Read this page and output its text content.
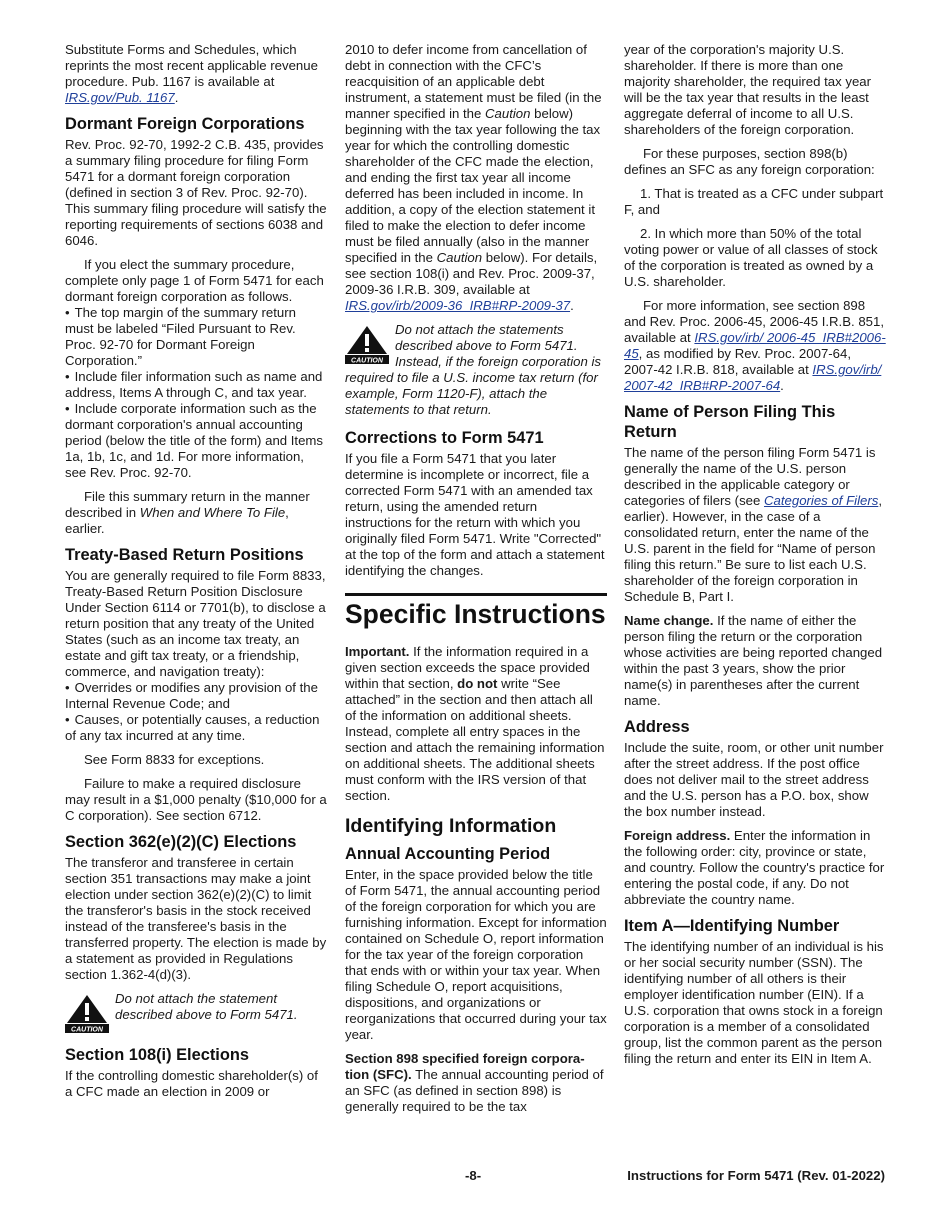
Substitute Forms and Schedules, which reprints the most recent applicable revenue procedure. Pub. 1167 is available at IRS.gov/Pub. 1167.

Dormant Foreign Corporations

Rev. Proc. 92-70, 1992-2 C.B. 435, provides a summary filing procedure for filing Form 5471 for a dormant foreign corporation (defined in section 3 of Rev. Proc. 92-70). This summary filing procedure will satisfy the reporting requirements of sections 6038 and 6046.

If you elect the summary procedure, complete only page 1 of Form 5471 for each dormant foreign corporation as follows.

• The top margin of the summary return must be labeled “Filed Pursuant to Rev. Proc. 92-70 for Dormant Foreign Corporation.”

• Include filer information such as name and address, Items A through C, and tax year.

• Include corporate information such as the dormant corporation's annual accounting period (below the title of the form) and Items 1a, 1b, 1c, and 1d. For more information, see Rev. Proc. 92-70.

File this summary return in the manner described in When and Where To File, earlier.

Treaty-Based Return Positions

You are generally required to file Form 8833, Treaty-Based Return Position Disclosure Under Section 6114 or 7701(b), to disclose a return position that any treaty of the United States (such as an income tax treaty, an estate and gift tax treaty, or a friendship, commerce, and navigation treaty):

• Overrides or modifies any provision of the Internal Revenue Code; and

• Causes, or potentially causes, a reduction of any tax incurred at any time.

See Form 8833 for exceptions.

Failure to make a required disclosure may result in a $1,000 penalty ($10,000 for a C corporation). See section 6712.

Section 362(e)(2)(C) Elections

The transferor and transferee in certain section 351 transactions may make a joint election under section 362(e)(2)(C) to limit the transferor's basis in the stock received instead of the transferee's basis in the transferred property. The election is made by a statement as provided in Regulations section 1.362-4(d)(3).

CAUTION
Do not attach the statement described above to Form 5471.
Section 108(i) Elections

If the controlling domestic shareholder(s) of a CFC made an election in 2009 or

2010 to defer income from cancellation of debt in connection with the CFC’s reacquisition of an applicable debt instrument, a statement must be filed (in the manner specified in the Caution below) beginning with the tax year following the tax year for which the controlling domestic shareholder of the CFC made the election, and ending the first tax year all income deferred has been included in income. In addition, a copy of the election statement it filed to make the election to defer income must be filed annually (also in the manner specified in the Caution below). For details, see section 108(i) and Rev. Proc. 2009-37, 2009-36 I.R.B. 309, available at IRS.gov/irb/2009-36_IRB#RP-2009-37.

CAUTION
Do not attach the statements described above to Form 5471. Instead, if the foreign corporation is required to file a U.S. income tax return (for example, Form 1120-F), attach the statements to that return.
Corrections to Form 5471

If you file a Form 5471 that you later determine is incomplete or incorrect, file a corrected Form 5471 with an amended tax return, using the amended return instructions for the return with which you originally filed Form 5471. Write "Corrected" at the top of the form and attach a statement identifying the changes.

Specific Instructions

Important. If the information required in a given section exceeds the space provided within that section, do not write “See attached” in the section and then attach all of the information on additional sheets. Instead, complete all entry spaces in the section and attach the remaining information on additional sheets. The additional sheets must conform with the IRS version of that section.

Identifying Information
Annual Accounting Period

Enter, in the space provided below the title of Form 5471, the annual accounting period of the foreign corporation for which you are furnishing information. Except for information contained on Schedule O, report information for the tax year of the foreign corporation that ends with or within your tax year. When filing Schedule O, report acquisitions, dispositions, and organizations or reorganizations that occurred during your tax year.

Section 898 specified foreign corpora-tion (SFC). The annual accounting period of an SFC (as defined in section 898) is generally required to be the tax

year of the corporation's majority U.S. shareholder. If there is more than one majority shareholder, the required tax year will be the tax year that results in the least aggregate deferral of income to all U.S. shareholders of the foreign corporation.

For these purposes, section 898(b) defines an SFC as any foreign corporation:

1. That is treated as a CFC under subpart F, and

2. In which more than 50% of the total voting power or value of all classes of stock of the corporation is treated as owned by a U.S. shareholder.

For more information, see section 898 and Rev. Proc. 2006-45, 2006-45 I.R.B. 851, available at IRS.gov/irb/ 2006-45_IRB#2006-45, as modified by Rev. Proc. 2007-64, 2007-42 I.R.B. 818, available at IRS.gov/irb/ 2007-42_IRB#RP-2007-64.

Name of Person Filing This Return

The name of the person filing Form 5471 is generally the name of the U.S. person described in the applicable category or categories of filers (see Categories of Filers, earlier). However, in the case of a consolidated return, enter the name of the U.S. parent in the field for “Name of person filing this return.” Be sure to list each U.S. shareholder of the foreign corporation in Schedule B, Part I.

Name change. If the name of either the person filing the return or the corporation whose activities are being reported changed within the past 3 years, show the prior name(s) in parentheses after the current name.

Address

Include the suite, room, or other unit number after the street address. If the post office does not deliver mail to the street address and the U.S. person has a P.O. box, show the box number instead.

Foreign address. Enter the information in the following order: city, province or state, and country. Follow the country's practice for entering the postal code, if any. Do not abbreviate the country name.

Item A—Identifying Number

The identifying number of an individual is his or her social security number (SSN). The identifying number of all others is their employer identification number (EIN). If a U.S. corporation that owns stock in a foreign corporation is a member of a consolidated group, list the common parent as the person filing the return and enter its EIN in Item A.

-8-	Instructions for Form 5471 (Rev. 01-2022)
